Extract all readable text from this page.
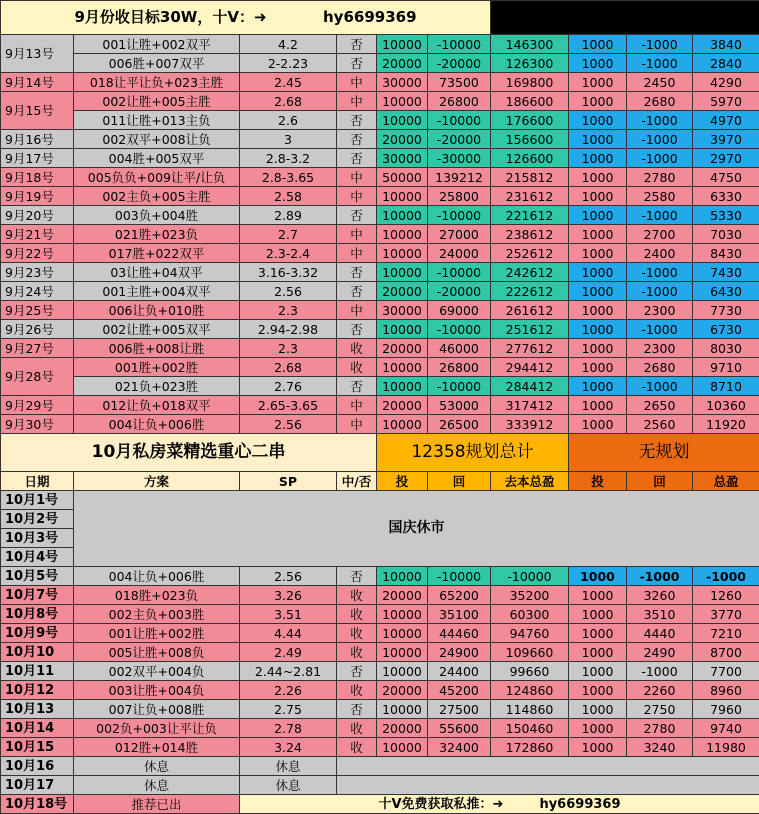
9月份收目标30W，十V：➜ hy6699369									
9月13号	001让胜+002双平	4.2	否	10000	-10000	146300	1000	-1000	3840
	006胜+007双平	2-2.23	否	20000	-20000	126300	1000	-1000	2840
9月14号	018让平让负+023主胜	2.45	中	30000	73500	169800	1000	2450	4290
9月15号	002让胜+005主胜	2.68	中	10000	26800	186600	1000	2680	5970
	011让胜+013主负	2.6	否	10000	-10000	176600	1000	-1000	4970
9月16号	002双平+008让负	3	否	20000	-20000	156600	1000	-1000	3970
9月17号	004胜+005双平	2.8-3.2	否	30000	-30000	126600	1000	-1000	2970
9月18号	005负负+009让平/让负	2.8-3.65	中	50000	139212	215812	1000	2780	4750
9月19号	002主负+005主胜	2.58	中	10000	25800	231612	1000	2580	6330
9月20号	003负+004胜	2.89	否	10000	-10000	221612	1000	-1000	5330
9月21号	021胜+023负	2.7	中	10000	27000	238612	1000	2700	7030
9月22号	017胜+022双平	2.3-2.4	中	10000	24000	252612	1000	2400	8430
9月23号	03让胜+04双平	3.16-3.32	否	10000	-10000	242612	1000	-1000	7430
9月24号	001主胜+004双平	2.56	否	20000	-20000	222612	1000	-1000	6430
9月25号	006让负+010胜	2.3	中	30000	69000	261612	1000	2300	7730
9月26号	002让胜+005双平	2.94-2.98	否	10000	-10000	251612	1000	-1000	6730
9月27号	006胜+008让胜	2.3	收	20000	46000	277612	1000	2300	8030
9月28号	001胜+002胜	2.68	收	10000	26800	294412	1000	2680	9710
	021负+023胜	2.76	否	10000	-10000	284412	1000	-1000	8710
9月29号	012让负+018双平	2.65-3.65	中	20000	53000	317412	1000	2650	10360
9月30号	004让负+006胜	2.56	中	10000	26500	333912	1000	2560	11920
10月私房菜精选重心二串				12358规划总计			无规划		
日期	方案	SP	中/否	投	回	去本总盈	投	回	总盈
10月1号	国庆休市								
10月2号									
10月3号									
10月4号									
10月5号	004让负+006胜	2.56	否	10000	-10000	-10000	1000	-1000	-1000
10月7号	018胜+023负	3.26	收	20000	65200	35200	1000	3260	1260
10月8号	002主负+003胜	3.51	收	10000	35100	60300	1000	3510	3770
10月9号	001让胜+002胜	4.44	收	10000	44460	94760	1000	4440	7210
10月10	005让胜+008负	2.49	收	10000	24900	109660	1000	2490	8700
10月11	002双平+004负	2.44~2.81	否	10000	24400	99660	1000	-1000	7700
10月12	003让胜+004负	2.26	收	20000	45200	124860	1000	2260	8960
10月13	007让负+008胜	2.75	否	10000	27500	114860	1000	2750	7960
10月14	002负+003让平让负	2.78	收	20000	55600	150460	1000	2780	9740
10月15	012胜+014胜	3.24	收	10000	32400	172860	1000	3240	11980
10月16	休息	休息							
10月17	休息	休息							
10月18号	推荐已出	十V免费获取私推：➜ hy6699369							
